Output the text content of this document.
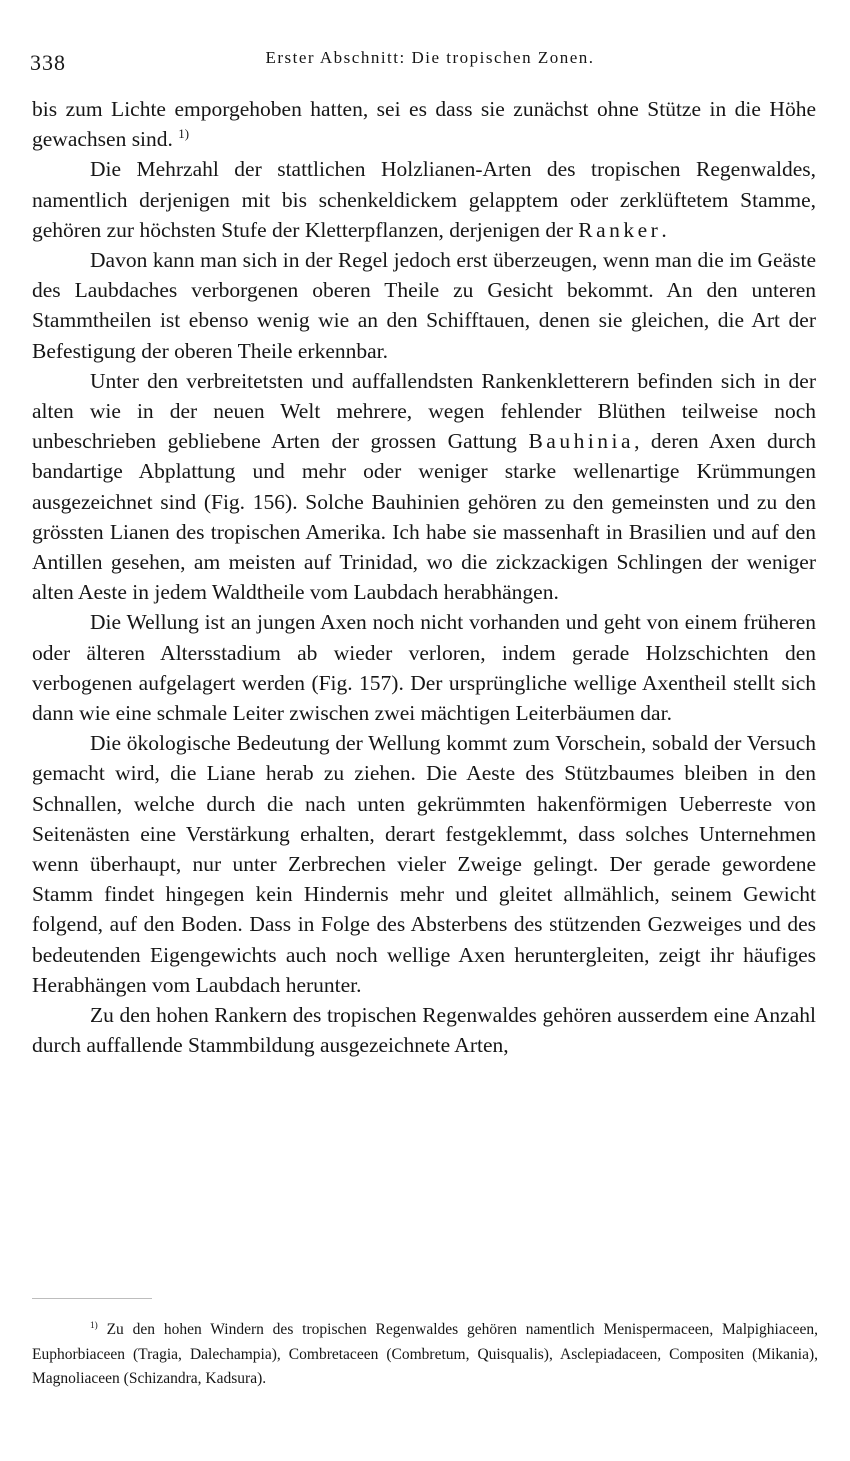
338	Erster Abschnitt: Die tropischen Zonen.

bis zum Lichte emporgehoben hatten, sei es dass sie zunächst ohne Stütze in die Höhe gewachsen sind. $^{1)}$

Die Mehrzahl der stattlichen Holzlianen-Arten des tropischen Regenwaldes, namentlich derjenigen mit bis schenkeldickem gelapptem oder zerklüftetem Stamme, gehören zur höchsten Stufe der Kletterpflanzen, derjenigen der Ranker.

Davon kann man sich in der Regel jedoch erst überzeugen, wenn man die im Geäste des Laubdaches verborgenen oberen Theile zu Gesicht bekommt. An den unteren Stammtheilen ist ebenso wenig wie an den Schifftauen, denen sie gleichen, die Art der Befestigung der oberen Theile erkennbar.

Unter den verbreitetsten und auffallendsten Rankenkletterern befinden sich in der alten wie in der neuen Welt mehrere, wegen fehlender Blüthen teilweise noch unbeschrieben gebliebene Arten der grossen Gattung Bauhinia, deren Axen durch bandartige Abplattung und mehr oder weniger starke wellenartige Krümmungen ausgezeichnet sind (Fig. 156). Solche Bauhinien gehören zu den gemeinsten und zu den grössten Lianen des tropischen Amerika. Ich habe sie massenhaft in Brasilien und auf den Antillen gesehen, am meisten auf Trinidad, wo die zickzackigen Schlingen der weniger alten Aeste in jedem Waldtheile vom Laubdach herabhängen.

Die Wellung ist an jungen Axen noch nicht vorhanden und geht von einem früheren oder älteren Altersstadium ab wieder verloren, indem gerade Holzschichten den verbogenen aufgelagert werden (Fig. 157). Der ursprüngliche wellige Axentheil stellt sich dann wie eine schmale Leiter zwischen zwei mächtigen Leiterbäumen dar.

Die ökologische Bedeutung der Wellung kommt zum Vorschein, sobald der Versuch gemacht wird, die Liane herab zu ziehen. Die Aeste des Stützbaumes bleiben in den Schnallen, welche durch die nach unten gekrümmten hakenförmigen Ueberreste von Seitenästen eine Verstärkung erhalten, derart festgeklemmt, dass solches Unternehmen wenn überhaupt, nur unter Zerbrechen vieler Zweige gelingt. Der gerade gewordene Stamm findet hingegen kein Hindernis mehr und gleitet allmählich, seinem Gewicht folgend, auf den Boden. Dass in Folge des Absterbens des stützenden Gezweiges und des bedeutenden Eigengewichts auch noch wellige Axen heruntergleiten, zeigt ihr häufiges Herabhängen vom Laubdach herunter.

Zu den hohen Rankern des tropischen Regenwaldes gehören ausserdem eine Anzahl durch auffallende Stammbildung ausgezeichnete Arten,

$^{1)}$ Zu den hohen Windern des tropischen Regenwaldes gehören namentlich Menispermaceen, Malpighiaceen, Euphorbiaceen (Tragia, Dalechampia), Combretaceen (Combretum, Quisqualis), Asclepiadaceen, Compositen (Mikania), Magnoliaceen (Schizandra, Kadsura).
